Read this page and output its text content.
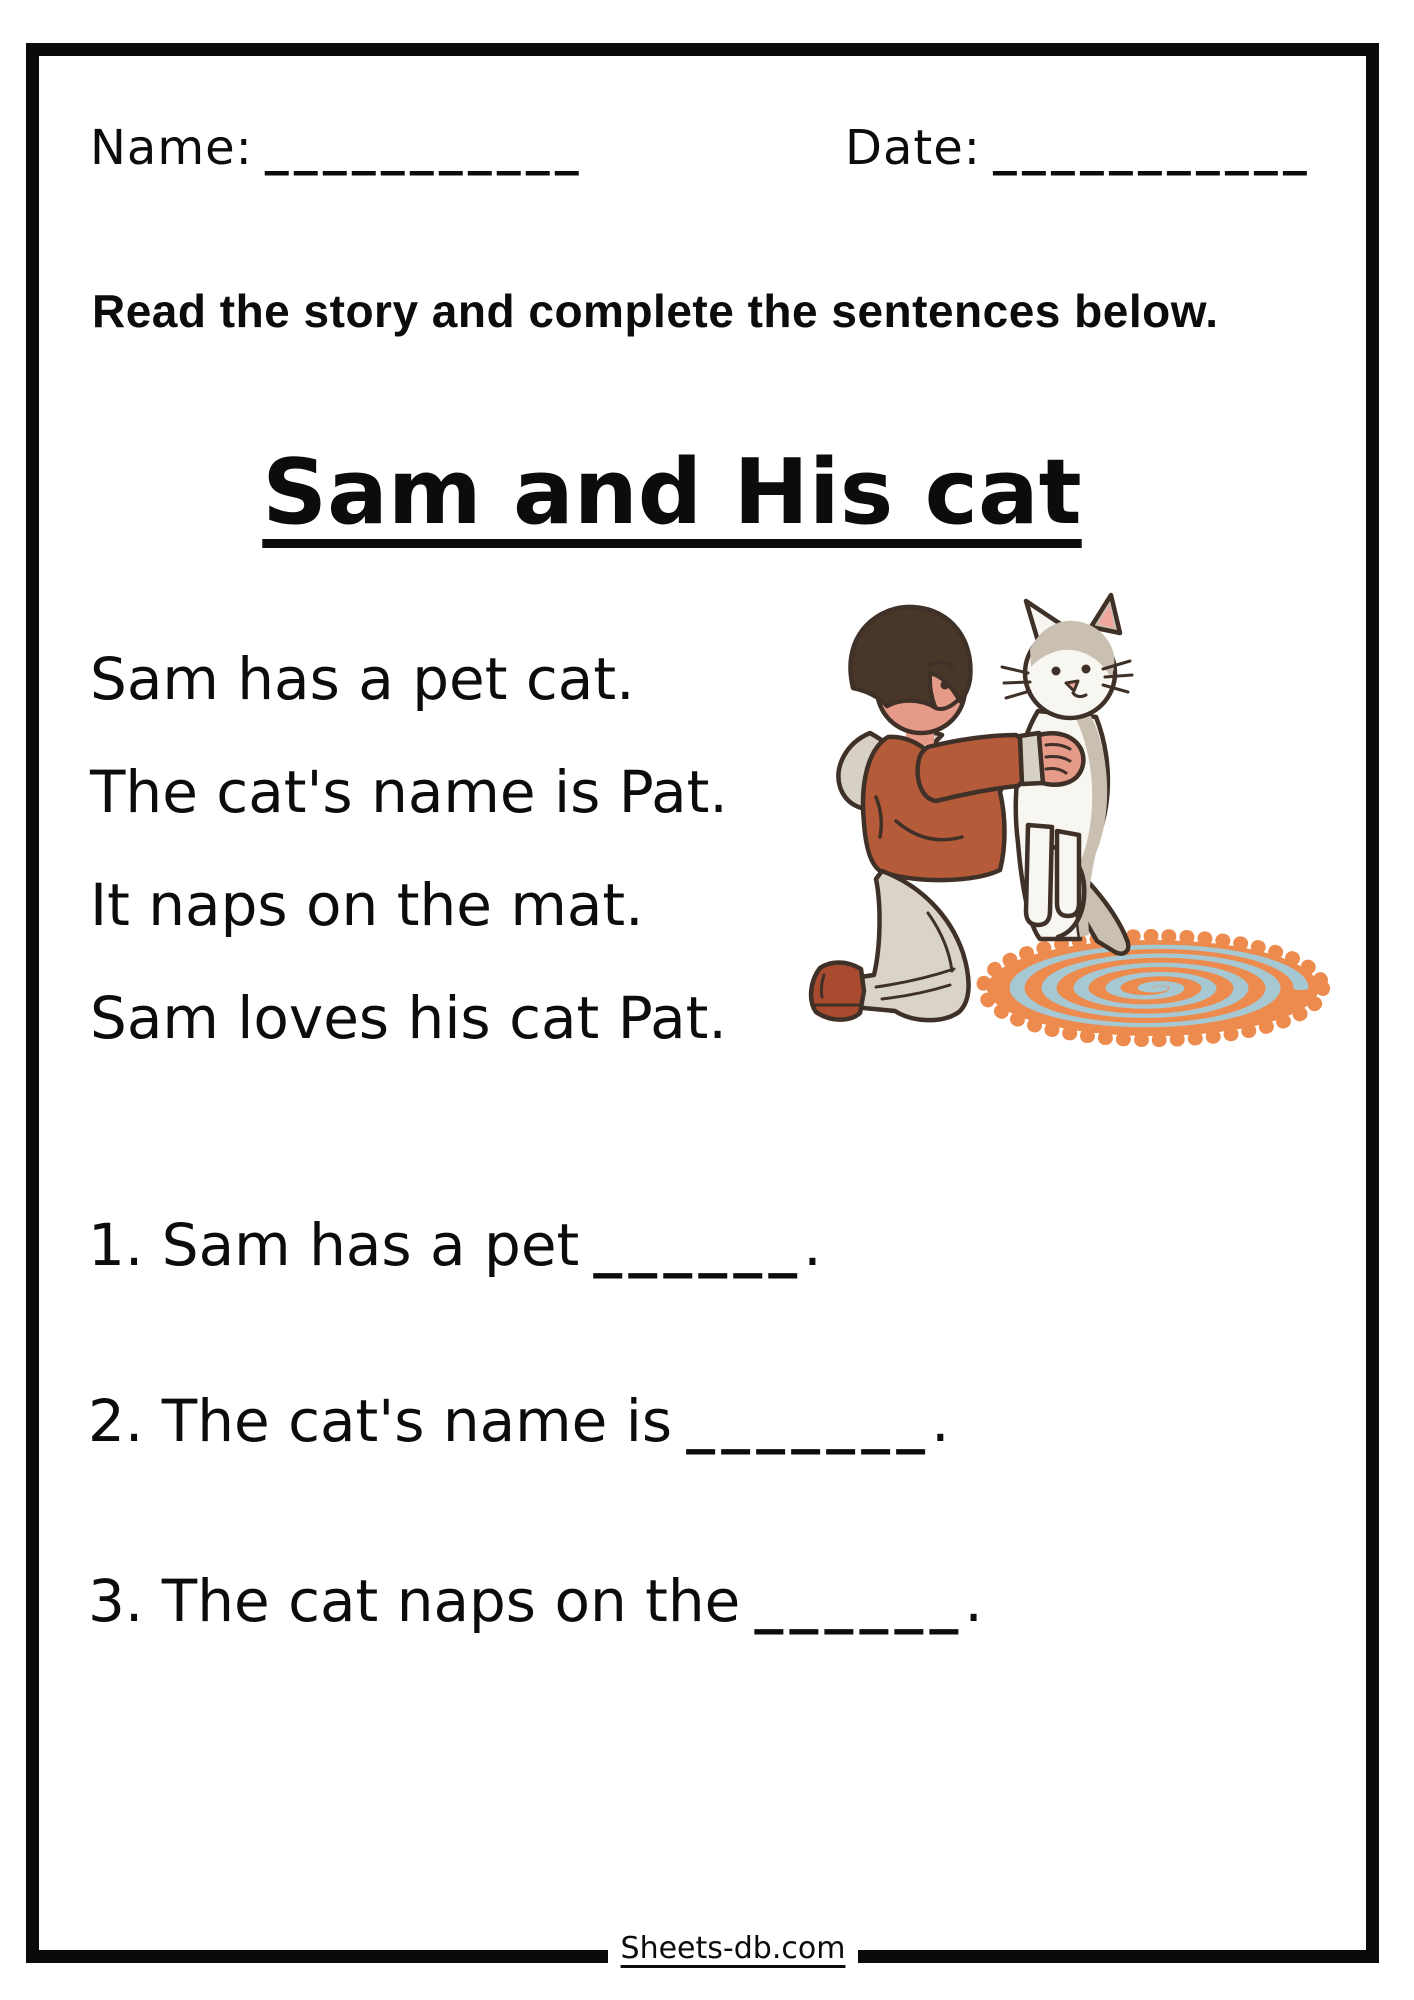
Name: ___________	Date: ___________
Read the story and complete the sentences below.
Sam and His cat
Sam has a pet cat.
The cat's name is Pat.
It naps on the mat.
Sam loves his cat Pat.
1. Sam has a pet ______.
2. The cat's name is _______.
3. The cat naps on the ______.
Sheets-db.com
